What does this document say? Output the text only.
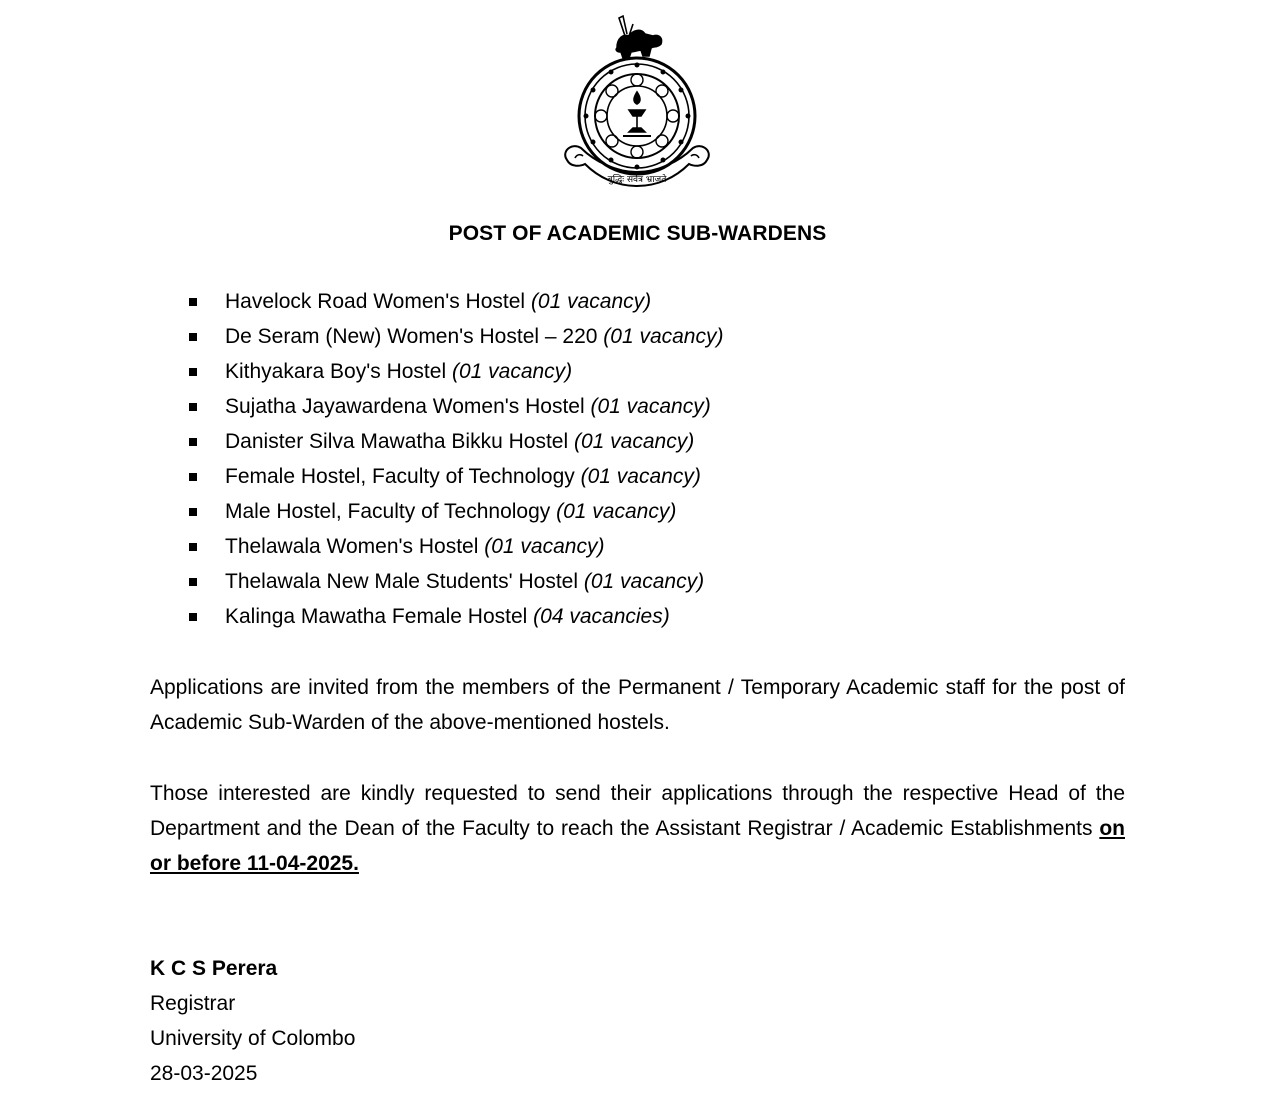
बुद्धिः सर्वत्र भ्राजते
POST OF ACADEMIC SUB-WARDENS
Havelock Road Women's Hostel (01 vacancy)
De Seram (New) Women's Hostel – 220 (01 vacancy)
Kithyakara Boy's Hostel (01 vacancy)
Sujatha Jayawardena Women's Hostel (01 vacancy)
Danister Silva Mawatha Bikku Hostel (01 vacancy)
Female Hostel, Faculty of Technology (01 vacancy)
Male Hostel, Faculty of Technology (01 vacancy)
Thelawala Women's Hostel (01 vacancy)
Thelawala New Male Students' Hostel (01 vacancy)
Kalinga Mawatha Female Hostel (04 vacancies)

Applications are invited from the members of the Permanent / Temporary Academic staff for the post of Academic Sub-Warden of the above-mentioned hostels.

Those interested are kindly requested to send their applications through the respective Head of the Department and the Dean of the Faculty to reach the Assistant Registrar / Academic Establishments on or before 11-04-2025.

K C S Perera
Registrar
University of Colombo
28-03-2025
